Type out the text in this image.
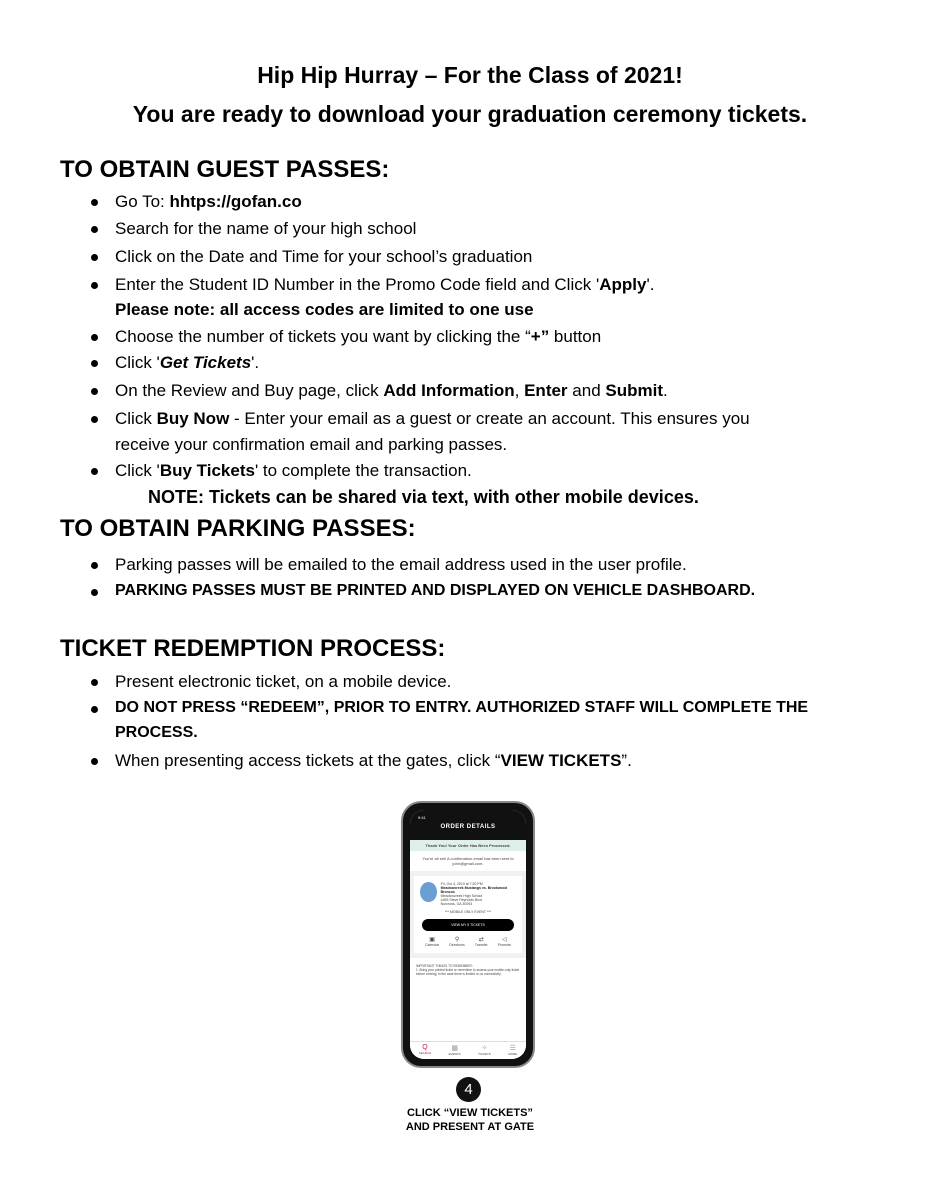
Hip Hip Hurray – For the Class of 2021!
You are ready to download your graduation ceremony tickets.
TO OBTAIN GUEST PASSES:
Go To: hhtps://gofan.co
Search for the name of your high school
Click on the Date and Time for your school’s graduation
Enter the Student ID Number in the Promo Code field and Click 'Apply'.
Please note: all access codes are limited to one use
Choose the number of tickets you want by clicking the “+” button
Click 'Get Tickets'.
On the Review and Buy page, click Add Information, Enter and Submit.
Click Buy Now - Enter your email as a guest or create an account. This ensures you
receive your confirmation email and parking passes.
Click 'Buy Tickets' to complete the transaction.
NOTE: Tickets can be shared via text, with other mobile devices.
TO OBTAIN PARKING PASSES:
Parking passes will be emailed to the email address used in the user profile.
PARKING PASSES MUST BE PRINTED AND DISPLAYED ON VEHICLE DASHBOARD.
TICKET REDEMPTION PROCESS:
Present electronic ticket, on a mobile device.
DO NOT PRESS “REDEEM”, PRIOR TO ENTRY. AUTHORIZED STAFF WILL COMPLETE THE
PROCESS.
When presenting access tickets at the gates, click “VIEW TICKETS”.
9:41
ORDER DETAILS
Thank You! Your Order Has Been Processed.
You're all set! A confirmation email has been sent to john@gmail.com.
Fri, Oct 4, 2019 at 7:30 PM
Meadowcreek Mustangs vs. Brookwood Broncos
Meadowcreek High School
4455 Steve Reynolds Blvd.
Norcross, GA 30093
*** MOBILE ONLY EVENT ***
VIEW MY 5 TICKETS
▣
Calendar
⚲
Directions
⇄
Transfer
◁
Promote
IMPORTANT THINGS TO REMEMBER:
1. Bring your printed ticket or remember to access your mobile-only ticket before arriving, in the case there is limited or no connectivity.
Q
SEARCH
▦
EVENTS
✧
TICKETS
☰
MORE
4
CLICK “VIEW TICKETS”
AND PRESENT AT GATE
